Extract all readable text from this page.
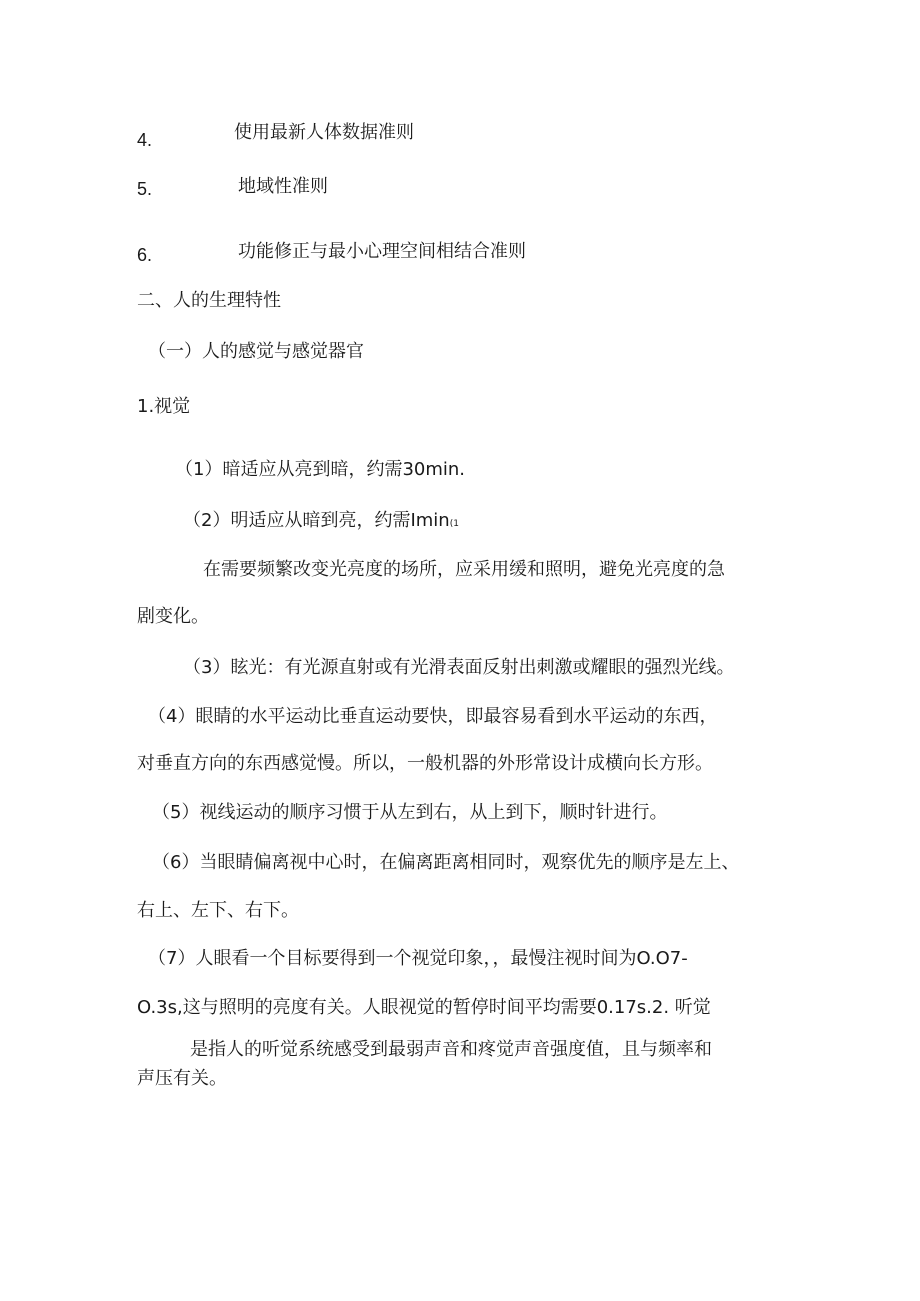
4.	使用最新人体数据准则
5.	地域性准则
6.	功能修正与最小心理空间相结合准则
二、人的生理特性
（一）人的感觉与感觉器官
1.视觉
（1）暗适应从亮到暗，约需30min.
（2）明适应从暗到亮，约需Imin(1
在需要频繁改变光亮度的场所，应采用缓和照明，避免光亮度的急
剧变化。
（3）眩光：有光源直射或有光滑表面反射出刺激或耀眼的强烈光线。
（4）眼睛的水平运动比垂直运动要快，即最容易看到水平运动的东西，
对垂直方向的东西感觉慢。所以，一般机器的外形常设计成横向长方形。
（5）视线运动的顺序习惯于从左到右，从上到下，顺时针进行。
（6）当眼睛偏离视中心时，在偏离距离相同时，观察优先的顺序是左上、
右上、左下、右下。
（7）人眼看一个目标要得到一个视觉印象，，最慢注视时间为O.O7-
O.3s,这与照明的亮度有关。人眼视觉的暂停时间平均需要0.17s.2. 听觉
是指人的听觉系统感受到最弱声音和疼觉声音强度值，且与频率和
声压有关。
